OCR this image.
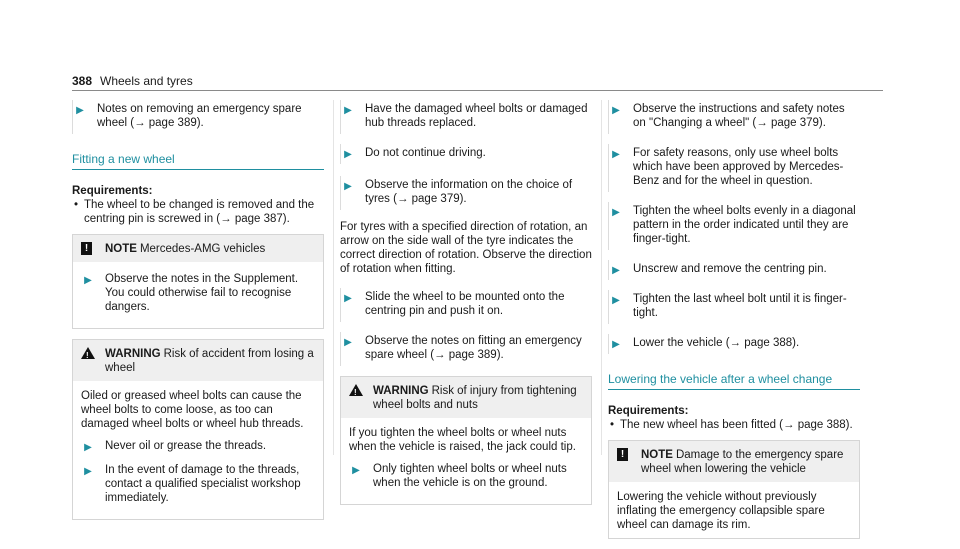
388 Wheels and tyres
▶	Notes on removing an emergency spare wheel (→ page 389).
Fitting a new wheel
Requirements:
• The wheel to be changed is removed and the centring pin is screwed in (→ page 387).
!	NOTE Mercedes-AMG vehicles
▶	Observe the notes in the Supplement. You could otherwise fail to recognise dangers.
!	WARNING Risk of accident from losing a wheel
Oiled or greased wheel bolts can cause the wheel bolts to come loose, as too can damaged wheel bolts or wheel hub threads.
▶	Never oil or grease the threads.
▶	In the event of damage to the threads, contact a qualified specialist workshop immediately.
▶	Have the damaged wheel bolts or damaged hub threads replaced.
▶	Do not continue driving.
▶	Observe the information on the choice of tyres (→ page 379).
For tyres with a specified direction of rotation, an arrow on the side wall of the tyre indicates the correct direction of rotation. Observe the direction of rotation when fitting.
▶	Slide the wheel to be mounted onto the centring pin and push it on.
▶	Observe the notes on fitting an emergency spare wheel (→ page 389).
!	WARNING Risk of injury from tightening wheel bolts and nuts
If you tighten the wheel bolts or wheel nuts when the vehicle is raised, the jack could tip.
▶	Only tighten wheel bolts or wheel nuts when the vehicle is on the ground.
▶	Observe the instructions and safety notes on "Changing a wheel" (→ page 379).
▶	For safety reasons, only use wheel bolts which have been approved by Mercedes-Benz and for the wheel in question.
▶	Tighten the wheel bolts evenly in a diagonal pattern in the order indicated until they are finger-tight.
▶	Unscrew and remove the centring pin.
▶	Tighten the last wheel bolt until it is finger-tight.
▶	Lower the vehicle (→ page 388).
Lowering the vehicle after a wheel change
Requirements:
• The new wheel has been fitted (→ page 388).
!	NOTE Damage to the emergency spare wheel when lowering the vehicle
Lowering the vehicle without previously inflating the emergency collapsible spare wheel can damage its rim.
